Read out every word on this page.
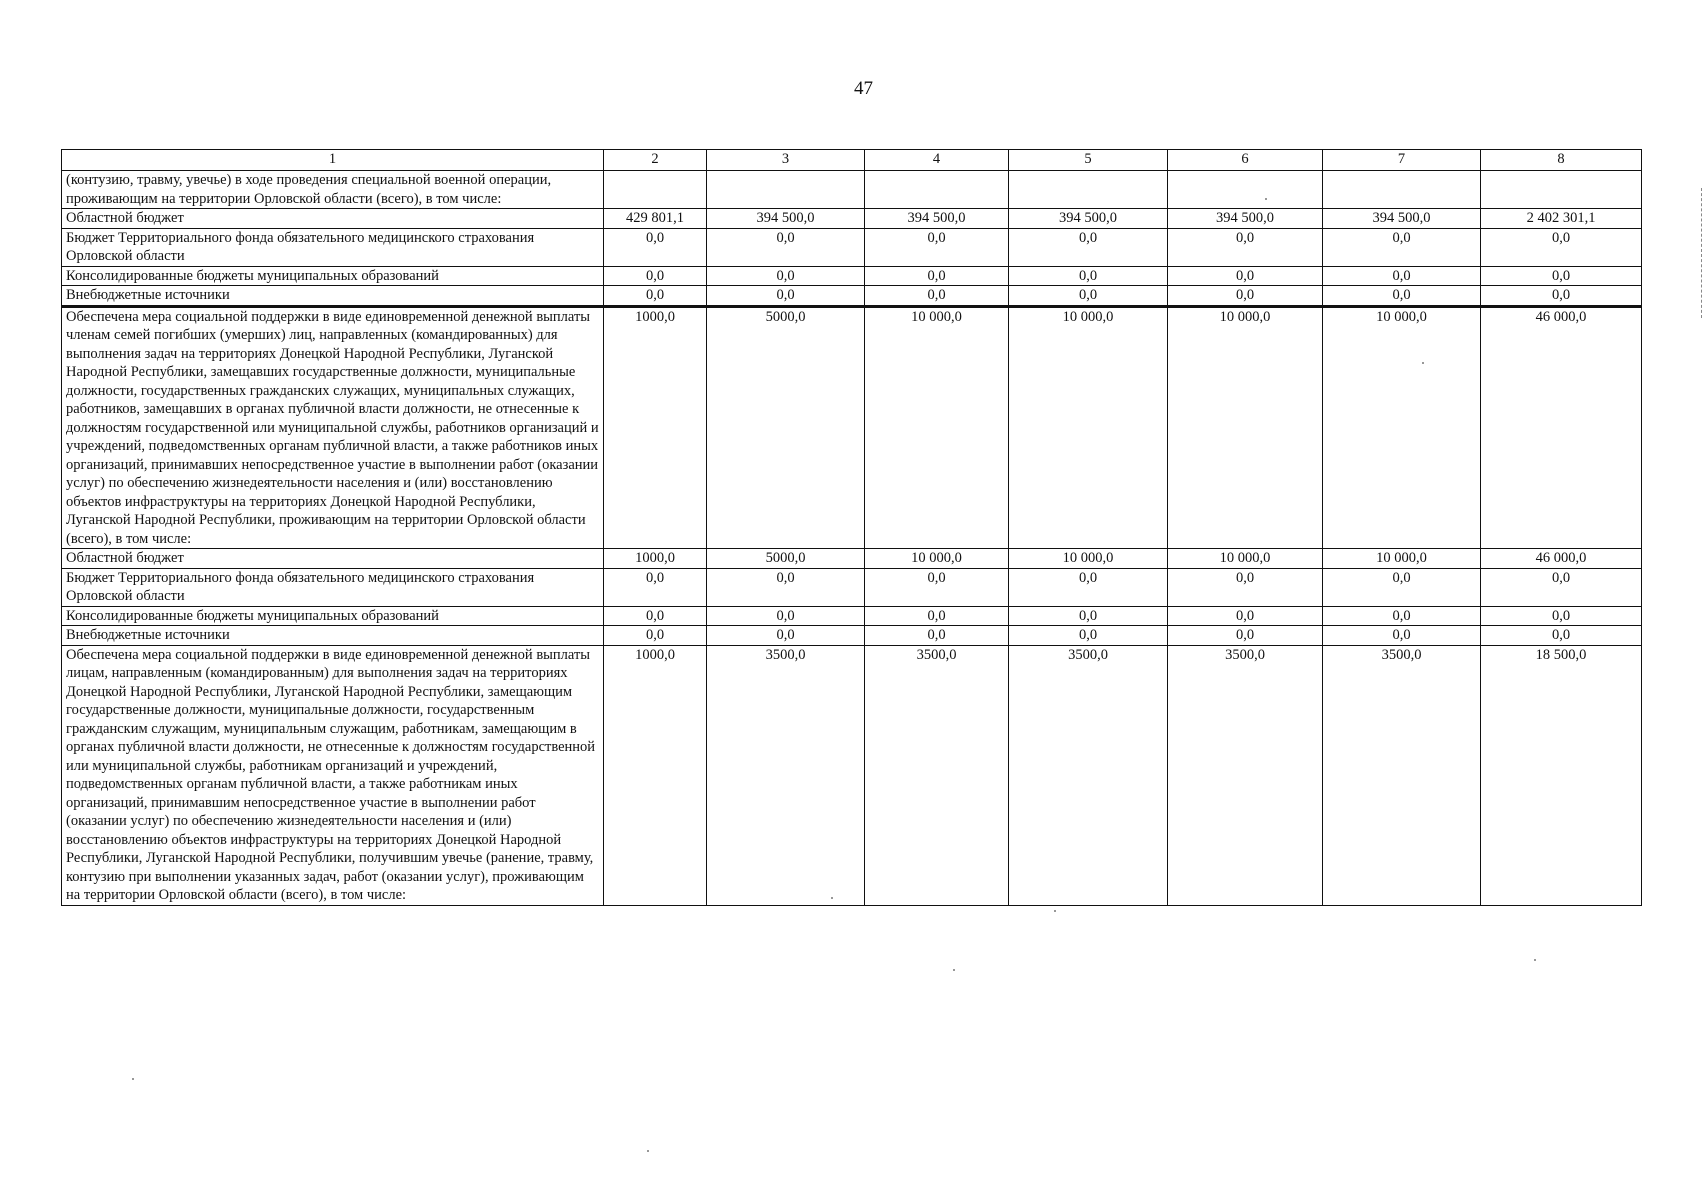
47
1	2	3	4	5	6	7	8
(контузию, травму, увечье) в ходе проведения специальной военной операции, проживающим на территории Орловской области (всего), в том числе:							
Областной бюджет	429 801,1	394 500,0	394 500,0	394 500,0	394 500,0	394 500,0	2 402 301,1
Бюджет Территориального фонда обязательного медицинского страхования Орловской области	0,0	0,0	0,0	0,0	0,0	0,0	0,0
Консолидированные бюджеты муниципальных образований	0,0	0,0	0,0	0,0	0,0	0,0	0,0
Внебюджетные источники	0,0	0,0	0,0	0,0	0,0	0,0	0,0
Обеспечена мера социальной поддержки в виде единовременной денежной выплаты членам семей погибших (умерших) лиц, направленных (командированных) для выполнения задач на территориях Донецкой Народной Республики, Луганской Народной Республики, замещавших государственные должности, муниципальные должности, государственных гражданских служащих, муниципальных служащих, работников, замещавших в органах публичной власти должности, не отнесенные к должностям государственной или муниципальной службы, работников организаций и учреждений, подведомственных органам публичной власти, а также работников иных организаций, принимавших непосредственное участие в выполнении работ (оказании услуг) по обеспечению жизнедеятельности населения и (или) восстановлению объектов инфраструктуры на территориях Донецкой Народной Республики, Луганской Народной Республики, проживающим на территории Орловской области (всего), в том числе:	1000,0	5000,0	10 000,0	10 000,0	10 000,0	10 000,0	46 000,0
Областной бюджет	1000,0	5000,0	10 000,0	10 000,0	10 000,0	10 000,0	46 000,0
Бюджет Территориального фонда обязательного медицинского страхования Орловской области	0,0	0,0	0,0	0,0	0,0	0,0	0,0
Консолидированные бюджеты муниципальных образований	0,0	0,0	0,0	0,0	0,0	0,0	0,0
Внебюджетные источники	0,0	0,0	0,0	0,0	0,0	0,0	0,0
Обеспечена мера социальной поддержки в виде единовременной денежной выплаты лицам, направленным (командированным) для выполнения задач на территориях Донецкой Народной Республики, Луганской Народной Республики, замещающим государственные должности, муниципальные должности, государственным гражданским служащим, муниципальным служащим, работникам, замещающим в органах публичной власти должности, не отнесенные к должностям государственной или муниципальной службы, работникам организаций и учреждений, подведомственных органам публичной власти, а также работникам иных организаций, принимавшим непосредственное участие в выполнении работ (оказании услуг) по обеспечению жизнедеятельности населения и (или) восстановлению объектов инфраструктуры на территориях Донецкой Народной Республики, Луганской Народной Республики, получившим увечье (ранение, травму, контузию при выполнении указанных задач, работ (оказании услуг), проживающим на территории Орловской области (всего), в том числе:	1000,0	3500,0	3500,0	3500,0	3500,0	3500,0	18 500,0
